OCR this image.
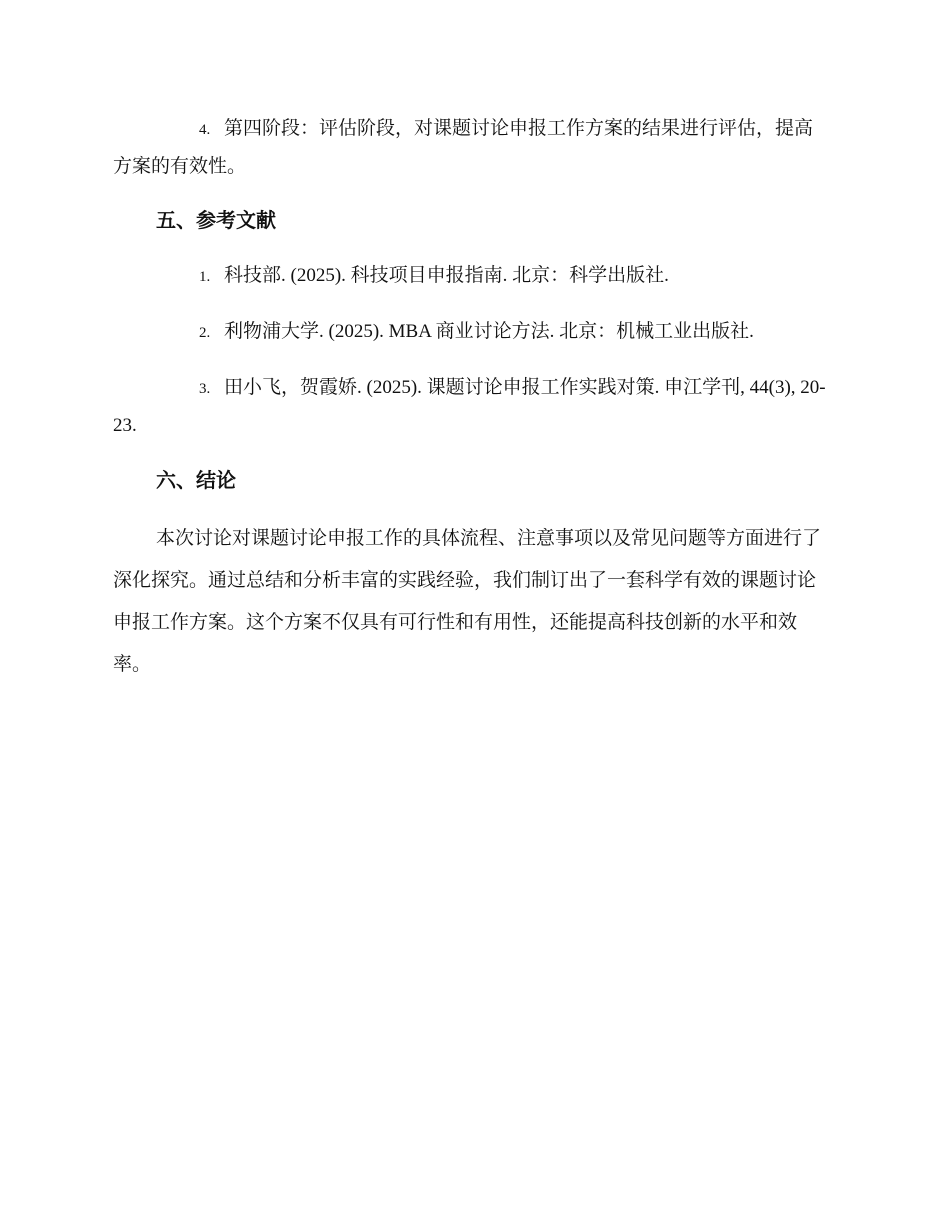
4. 第四阶段：评估阶段，对课题讨论申报工作方案的结果进行评估，提高方案的有效性。

五、参考文献

1. 科技部. (2025). 科技项目申报指南. 北京：科学出版社.

2. 利物浦大学. (2025). MBA 商业讨论方法. 北京：机械工业出版社.

3. 田小飞，贺霞娇. (2025). 课题讨论申报工作实践对策. 申江学刊, 44(3), 20-23.

六、结论

本次讨论对课题讨论申报工作的具体流程、注意事项以及常见问题等方面进行了深化探究。通过总结和分析丰富的实践经验，我们制订出了一套科学有效的课题讨论申报工作方案。这个方案不仅具有可行性和有用性，还能提高科技创新的水平和效率。
